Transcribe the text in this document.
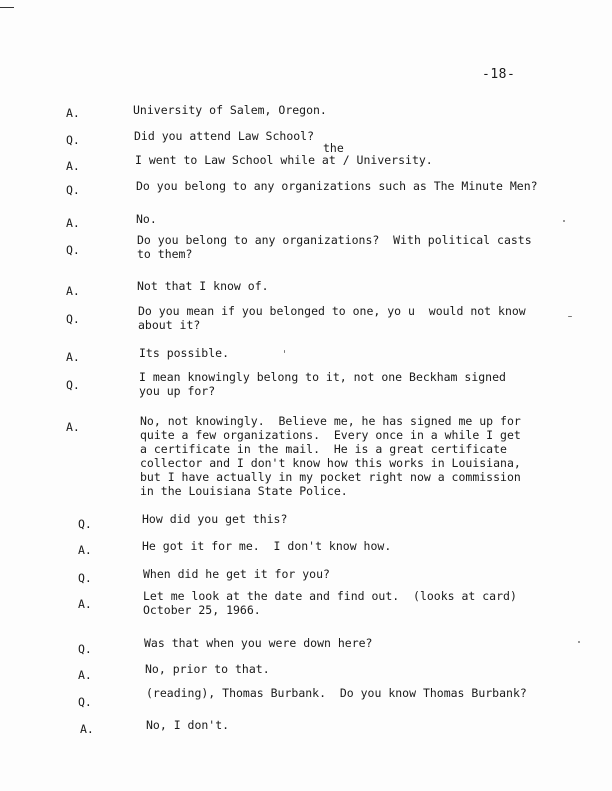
-18-
the
A.	University of Salem, Oregon.
Q.	Did you attend Law School?
A.	I went to Law School while at / University.
Q.	Do you belong to any organizations such as The Minute Men?
A.	No.
Q.
Do you belong to any organizations?  With political casts
to them?
A.	Not that I know of.
Q.
Do you mean if you belonged to one, yo u  would not know
about it?
A.	Its possible.
Q.
I mean knowingly belong to it, not one Beckham signed
you up for?
A.	No, not knowingly.  Believe me, he has signed me up for
quite a few organizations.  Every once in a while I get
a certificate in the mail.  He is a great certificate
collector and I don't know how this works in Louisiana,
but I have actually in my pocket right now a commission
in the Louisiana State Police.
Q.	How did you get this?
A.	He got it for me.  I don't know how.
Q.	When did he get it for you?
A.
Let me look at the date and find out.  (looks at card)
October 25, 1966.
Q.	Was that when you were down here?
A.	No, prior to that.
Q.
(reading), Thomas Burbank.  Do you know Thomas Burbank?
A.	No, I don't.
